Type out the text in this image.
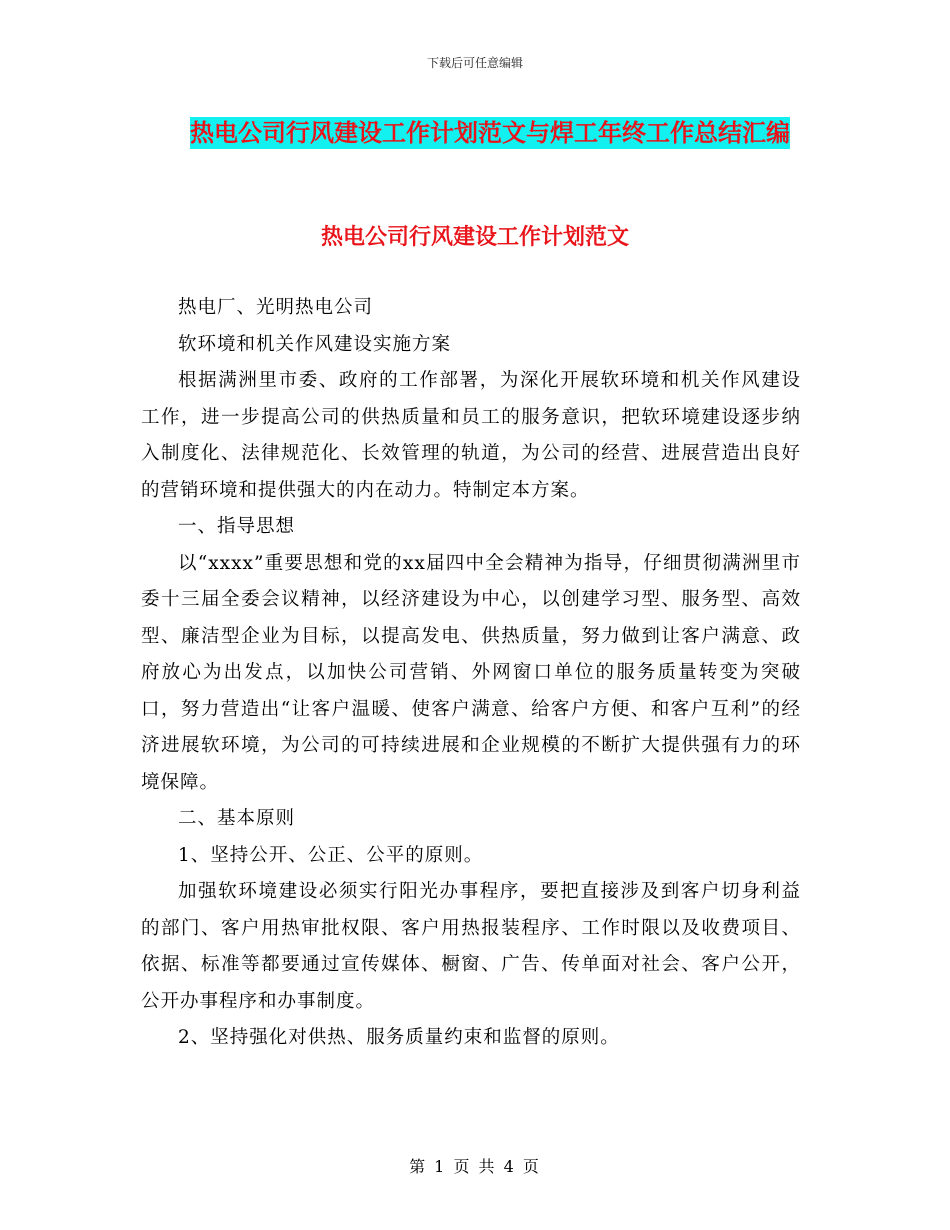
下载后可任意编辑
热电公司行风建设工作计划范文与焊工年终工作总结汇编
热电公司行风建设工作计划范文

热电厂、光明热电公司

软环境和机关作风建设实施方案

根据满洲里市委、政府的工作部署，为深化开展软环境和机关作风建设工作，进一步提高公司的供热质量和员工的服务意识，把软环境建设逐步纳入制度化、法律规范化、长效管理的轨道，为公司的经营、进展营造出良好的营销环境和提供强大的内在动力。特制定本方案。

一、指导思想

以“xxxx”重要思想和党的xx届四中全会精神为指导，仔细贯彻满洲里市委十三届全委会议精神，以经济建设为中心，以创建学习型、服务型、高效型、廉洁型企业为目标，以提高发电、供热质量，努力做到让客户满意、政府放心为出发点，以加快公司营销、外网窗口单位的服务质量转变为突破口，努力营造出“让客户温暖、使客户满意、给客户方便、和客户互利”的经济进展软环境，为公司的可持续进展和企业规模的不断扩大提供强有力的环境保障。

二、基本原则

1、坚持公开、公正、公平的原则。

加强软环境建设必须实行阳光办事程序，要把直接涉及到客户切身利益的部门、客户用热审批权限、客户用热报装程序、工作时限以及收费项目、依据、标准等都要通过宣传媒体、橱窗、广告、传单面对社会、客户公开，公开办事程序和办事制度。

2、坚持强化对供热、服务质量约束和监督的原则。

第 1 页 共 4 页
